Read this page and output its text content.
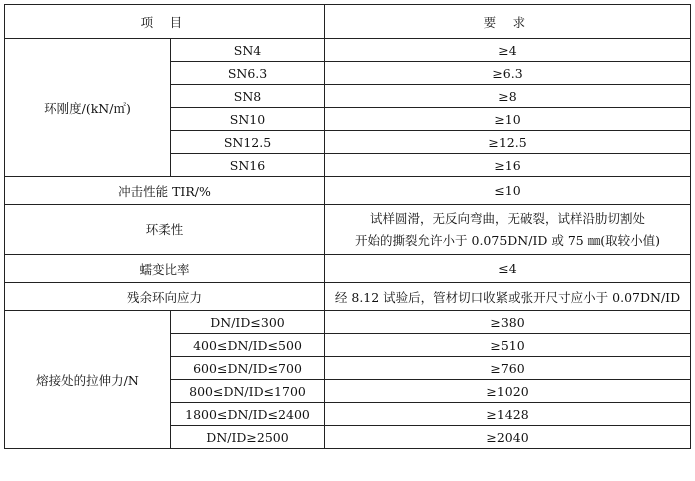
项 目		要 求
环刚度/(kN/㎡)	SN4	≥4
	SN6.3	≥6.3
	SN8	≥8
	SN10	≥10
	SN12.5	≥12.5
	SN16	≥16
冲击性能 TIR/%		≤10
环柔性		试样圆滑，无反向弯曲，无破裂，试样沿肋切割处
开始的撕裂允许小于 0.075DN/ID 或 75 ㎜(取较小值)

蠕变比率		≤4
残余环向应力		经 8.12 试验后，管材切口收紧或张开尺寸应小于 0.07DN/ID
熔接处的拉伸力/N	DN/ID≤300	≥380
	400≤DN/ID≤500	≥510
	600≤DN/ID≤700	≥760
	800≤DN/ID≤1700	≥1020
	1800≤DN/ID≤2400	≥1428
	DN/ID≥2500	≥2040
